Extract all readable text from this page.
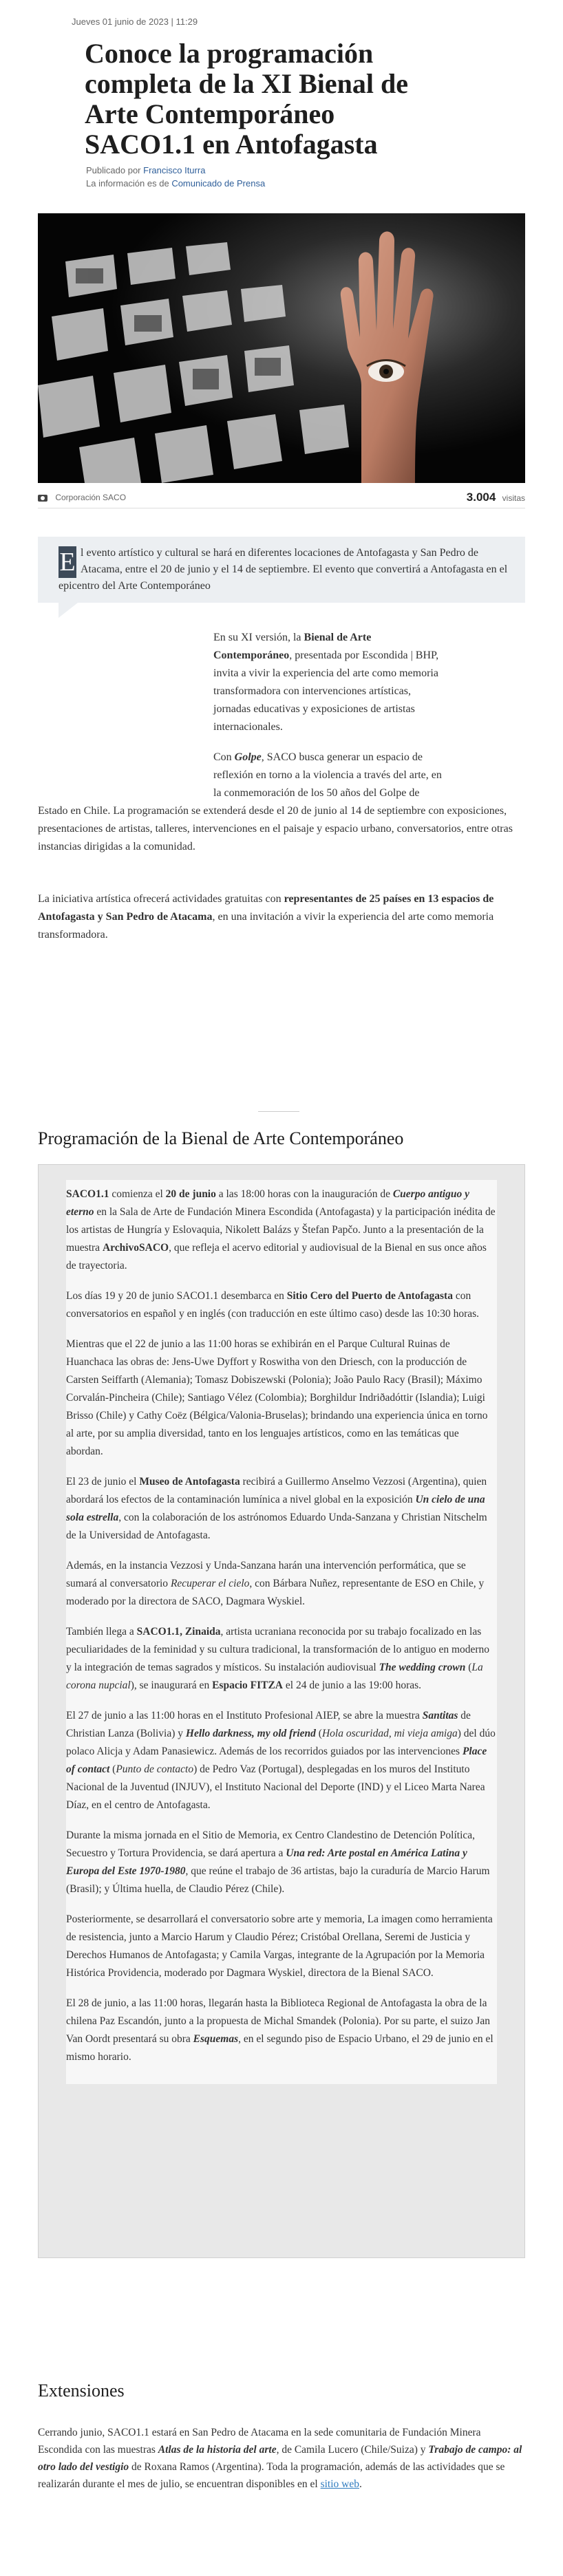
Jueves 01 junio de 2023 | 11:29
Conoce la programación completa de la XI Bienal de Arte Contemporáneo SACO1.1 en Antofagasta
Publicado por Francisco Iturra
La información es de Comunicado de Prensa
Corporación SACO	3.004 visitas

E l evento artístico y cultural se hará en diferentes locaciones de Antofagasta y San Pedro de Atacama, entre el 20 de junio y el 14 de septiembre. El evento que convertirá a Antofagasta en el epicentro del Arte Contemporáneo

En su XI versión, la Bienal de Arte Contemporáneo, presentada por Escondida | BHP, invita a vivir la experiencia del arte como memoria transformadora con intervenciones artísticas, jornadas educativas y exposiciones de artistas internacionales.

Con Golpe, SACO busca generar un espacio de reflexión en torno a la violencia a través del arte, en la conmemoración de los 50 años del Golpe de

Estado en Chile. La programación se extenderá desde el 20 de junio al 14 de septiembre con exposiciones, presentaciones de artistas, talleres, intervenciones en el paisaje y espacio urbano, conversatorios, entre otras instancias dirigidas a la comunidad.

La iniciativa artística ofrecerá actividades gratuitas con representantes de 25 países en 13 espacios de Antofagasta y San Pedro de Atacama, en una invitación a vivir la experiencia del arte como memoria transformadora.

Programación de la Bienal de Arte Contemporáneo

SACO1.1 comienza el 20 de junio a las 18:00 horas con la inauguración de Cuerpo antiguo y eterno en la Sala de Arte de Fundación Minera Escondida (Antofagasta) y la participación inédita de los artistas de Hungría y Eslovaquia, Nikolett Balázs y Štefan Papčo. Junto a la presentación de la muestra ArchivoSACO, que refleja el acervo editorial y audiovisual de la Bienal en sus once años de trayectoria.

Los días 19 y 20 de junio SACO1.1 desembarca en Sitio Cero del Puerto de Antofagasta con conversatorios en español y en inglés (con traducción en este último caso) desde las 10:30 horas.

Mientras que el 22 de junio a las 11:00 horas se exhibirán en el Parque Cultural Ruinas de Huanchaca las obras de: Jens-Uwe Dyffort y Roswitha von den Driesch, con la producción de Carsten Seiffarth (Alemania); Tomasz Dobiszewski (Polonia); João Paulo Racy (Brasil); Máximo Corvalán-Pincheira (Chile); Santiago Vélez (Colombia); Borghildur Indriðadóttir (Islandia); Luigi Brisso (Chile) y Cathy Coëz (Bélgica/Valonia-Bruselas); brindando una experiencia única en torno al arte, por su amplia diversidad, tanto en los lenguajes artísticos, como en las temáticas que abordan.

El 23 de junio el Museo de Antofagasta recibirá a Guillermo Anselmo Vezzosi (Argentina), quien abordará los efectos de la contaminación lumínica a nivel global en la exposición Un cielo de una sola estrella, con la colaboración de los astrónomos Eduardo Unda-Sanzana y Christian Nitschelm de la Universidad de Antofagasta.

Además, en la instancia Vezzosi y Unda-Sanzana harán una intervención performática, que se sumará al conversatorio Recuperar el cielo, con Bárbara Nuñez, representante de ESO en Chile, y moderado por la directora de SACO, Dagmara Wyskiel.

También llega a SACO1.1, Zinaida, artista ucraniana reconocida por su trabajo focalizado en las peculiaridades de la feminidad y su cultura tradicional, la transformación de lo antiguo en moderno y la integración de temas sagrados y místicos. Su instalación audiovisual The wedding crown (La corona nupcial), se inaugurará en Espacio FITZA el 24 de junio a las 19:00 horas.

El 27 de junio a las 11:00 horas en el Instituto Profesional AIEP, se abre la muestra Santitas de Christian Lanza (Bolivia) y Hello darkness, my old friend (Hola oscuridad, mi vieja amiga) del dúo polaco Alicja y Adam Panasiewicz. Además de los recorridos guiados por las intervenciones Place of contact (Punto de contacto) de Pedro Vaz (Portugal), desplegadas en los muros del Instituto Nacional de la Juventud (INJUV), el Instituto Nacional del Deporte (IND) y el Liceo Marta Narea Díaz, en el centro de Antofagasta.

Durante la misma jornada en el Sitio de Memoria, ex Centro Clandestino de Detención Política, Secuestro y Tortura Providencia, se dará apertura a Una red: Arte postal en América Latina y Europa del Este 1970-1980, que reúne el trabajo de 36 artistas, bajo la curaduría de Marcio Harum (Brasil); y Última huella, de Claudio Pérez (Chile).

Posteriormente, se desarrollará el conversatorio sobre arte y memoria, La imagen como herramienta de resistencia, junto a Marcio Harum y Claudio Pérez; Cristóbal Orellana, Seremi de Justicia y Derechos Humanos de Antofagasta; y Camila Vargas, integrante de la Agrupación por la Memoria Histórica Providencia, moderado por Dagmara Wyskiel, directora de la Bienal SACO.

El 28 de junio, a las 11:00 horas, llegarán hasta la Biblioteca Regional de Antofagasta la obra de la chilena Paz Escandón, junto a la propuesta de Michal Smandek (Polonia). Por su parte, el suizo Jan Van Oordt presentará su obra Esquemas, en el segundo piso de Espacio Urbano, el 29 de junio en el mismo horario.

Extensiones

Cerrando junio, SACO1.1 estará en San Pedro de Atacama en la sede comunitaria de Fundación Minera Escondida con las muestras Atlas de la historia del arte, de Camila Lucero (Chile/Suiza) y Trabajo de campo: al otro lado del vestigio de Roxana Ramos (Argentina). Toda la programación, además de las actividades que se realizarán durante el mes de julio, se encuentran disponibles en el sitio web.
